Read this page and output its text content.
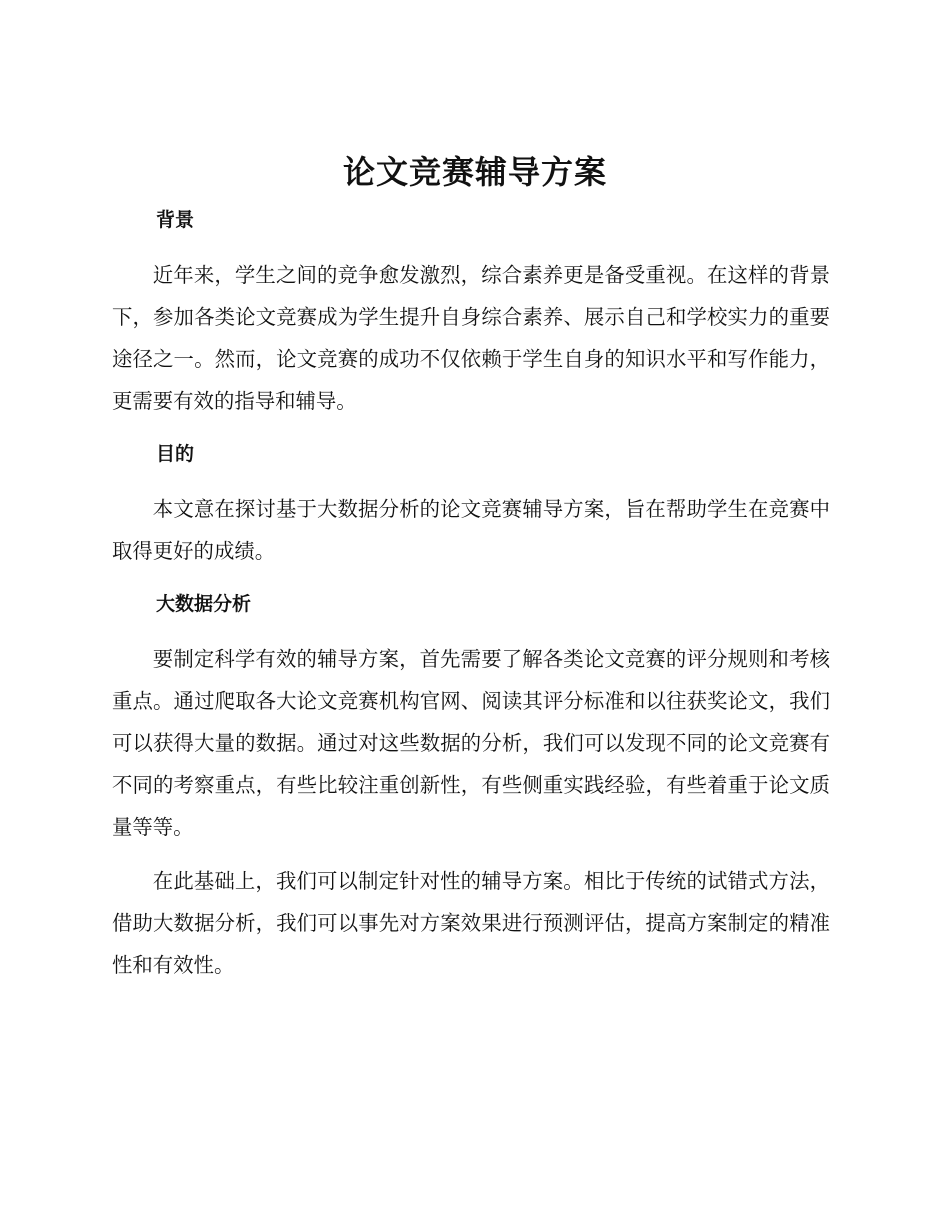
论文竞赛辅导方案
背景

近年来，学生之间的竞争愈发激烈，综合素养更是备受重视。在这样的背景下，参加各类论文竞赛成为学生提升自身综合素养、展示自己和学校实力的重要途径之一。然而，论文竞赛的成功不仅依赖于学生自身的知识水平和写作能力，更需要有效的指导和辅导。

目的

本文意在探讨基于大数据分析的论文竞赛辅导方案，旨在帮助学生在竞赛中取得更好的成绩。

大数据分析

要制定科学有效的辅导方案，首先需要了解各类论文竞赛的评分规则和考核重点。通过爬取各大论文竞赛机构官网、阅读其评分标准和以往获奖论文，我们可以获得大量的数据。通过对这些数据的分析，我们可以发现不同的论文竞赛有不同的考察重点，有些比较注重创新性，有些侧重实践经验，有些着重于论文质量等等。

在此基础上，我们可以制定针对性的辅导方案。相比于传统的试错式方法，借助大数据分析，我们可以事先对方案效果进行预测评估，提高方案制定的精准性和有效性。
